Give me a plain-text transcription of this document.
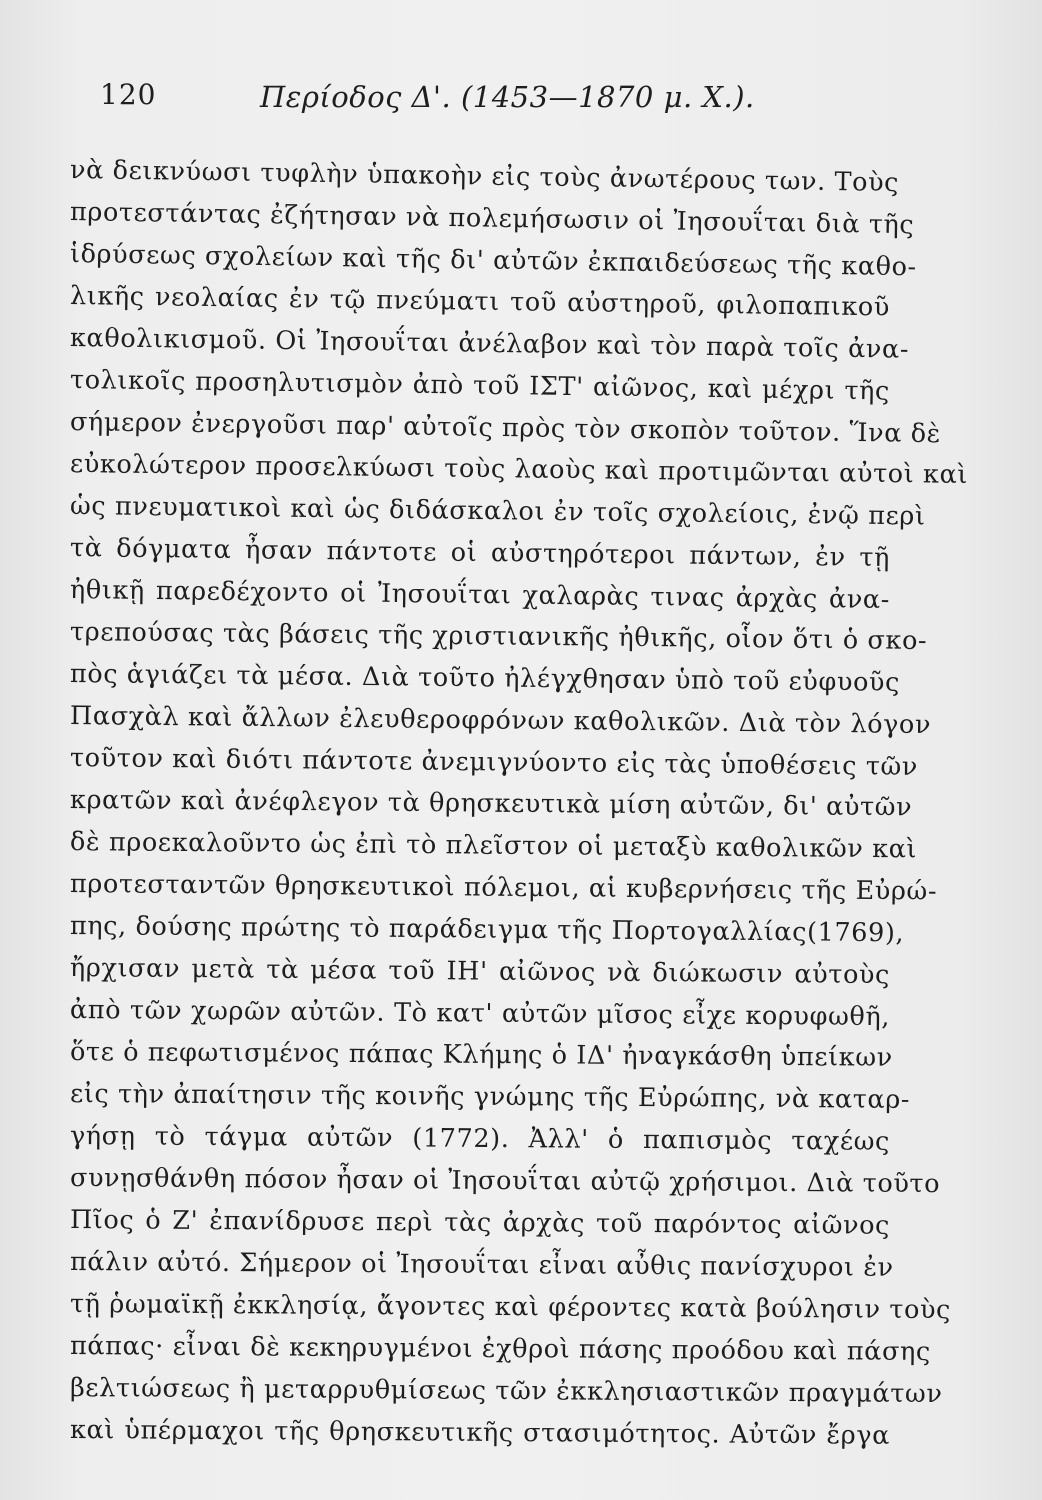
120	Περίοδος Δ'. (1453—1870 μ. Χ.).
νὰ δεικνύωσι τυφλὴν ὑπακοὴν εἰς τοὺς ἀνωτέρους των. Τοὺς
προτεστάντας ἐζήτησαν νὰ πολεμήσωσιν οἱ Ἰησουΐται διὰ τῆς
ἱδρύσεως σχολείων καὶ τῆς δι' αὐτῶν ἐκπαιδεύσεως τῆς καθο-
λικῆς νεολαίας ἐν τῷ πνεύματι τοῦ αὐστηροῦ, φιλοπαπικοῦ
καθολικισμοῦ. Οἱ Ἰησουΐται ἀνέλαβον καὶ τὸν παρὰ τοῖς ἀνα-
τολικοῖς προσηλυτισμὸν ἀπὸ τοῦ ΙΣΤ' αἰῶνος, καὶ μέχρι τῆς
σήμερον ἐνεργοῦσι παρ' αὐτοῖς πρὸς τὸν σκοπὸν τοῦτον. Ἵνα δὲ
εὐκολώτερον προσελκύωσι τοὺς λαοὺς καὶ προτιμῶνται αὐτοὶ καὶ
ὡς πνευματικοὶ καὶ ὡς διδάσκαλοι ἐν τοῖς σχολείοις, ἐνῷ περὶ
τὰ δόγματα ἦσαν πάντοτε οἱ αὐστηρότεροι πάντων, ἐν τῇ
ἠθικῇ παρεδέχοντο οἱ Ἰησουΐται χαλαρὰς τινας ἀρχὰς ἀνα-
τρεπούσας τὰς βάσεις τῆς χριστιανικῆς ἠθικῆς, οἷον ὅτι ὁ σκο-
πὸς ἁγιάζει τὰ μέσα. Διὰ τοῦτο ἠλέγχθησαν ὑπὸ τοῦ εὐφυοῦς
Πασχὰλ καὶ ἄλλων ἐλευθεροφρόνων καθολικῶν. Διὰ τὸν λόγον
τοῦτον καὶ διότι πάντοτε ἀνεμιγνύοντο εἰς τὰς ὑποθέσεις τῶν
κρατῶν καὶ ἀνέφλεγον τὰ θρησκευτικὰ μίση αὐτῶν, δι' αὐτῶν
δὲ προεκαλοῦντο ὡς ἐπὶ τὸ πλεῖστον οἱ μεταξὺ καθολικῶν καὶ
προτεσταντῶν θρησκευτικοὶ πόλεμοι, αἱ κυβερνήσεις τῆς Εὐρώ-
πης, δούσης πρώτης τὸ παράδειγμα τῆς Πορτογαλλίας(1769),
ἤρχισαν μετὰ τὰ μέσα τοῦ ΙΗ' αἰῶνος νὰ διώκωσιν αὐτοὺς
ἀπὸ τῶν χωρῶν αὐτῶν. Τὸ κατ' αὐτῶν μῖσος εἶχε κορυφωθῆ,
ὅτε ὁ πεφωτισμένος πάπας Κλήμης ὁ ΙΔ' ἠναγκάσθη ὑπείκων
εἰς τὴν ἀπαίτησιν τῆς κοινῆς γνώμης τῆς Εὐρώπης, νὰ καταρ-
γήσῃ τὸ τάγμα αὐτῶν (1772). Ἀλλ' ὁ παπισμὸς ταχέως
συνῃσθάνθη πόσον ἦσαν οἱ Ἰησουΐται αὐτῷ χρήσιμοι. Διὰ τοῦτο
Πῖος ὁ Ζ' ἐπανίδρυσε περὶ τὰς ἀρχὰς τοῦ παρόντος αἰῶνος
πάλιν αὐτό. Σήμερον οἱ Ἰησουΐται εἶναι αὖθις πανίσχυροι ἐν
τῇ ῥωμαϊκῇ ἐκκλησίᾳ, ἄγοντες καὶ φέροντες κατὰ βούλησιν τοὺς
πάπας· εἶναι δὲ κεκηρυγμένοι ἐχθροὶ πάσης προόδου καὶ πάσης
βελτιώσεως ἢ μεταρρυθμίσεως τῶν ἐκκλησιαστικῶν πραγμάτων
καὶ ὑπέρμαχοι τῆς θρησκευτικῆς στασιμότητος. Αὐτῶν ἔργα
